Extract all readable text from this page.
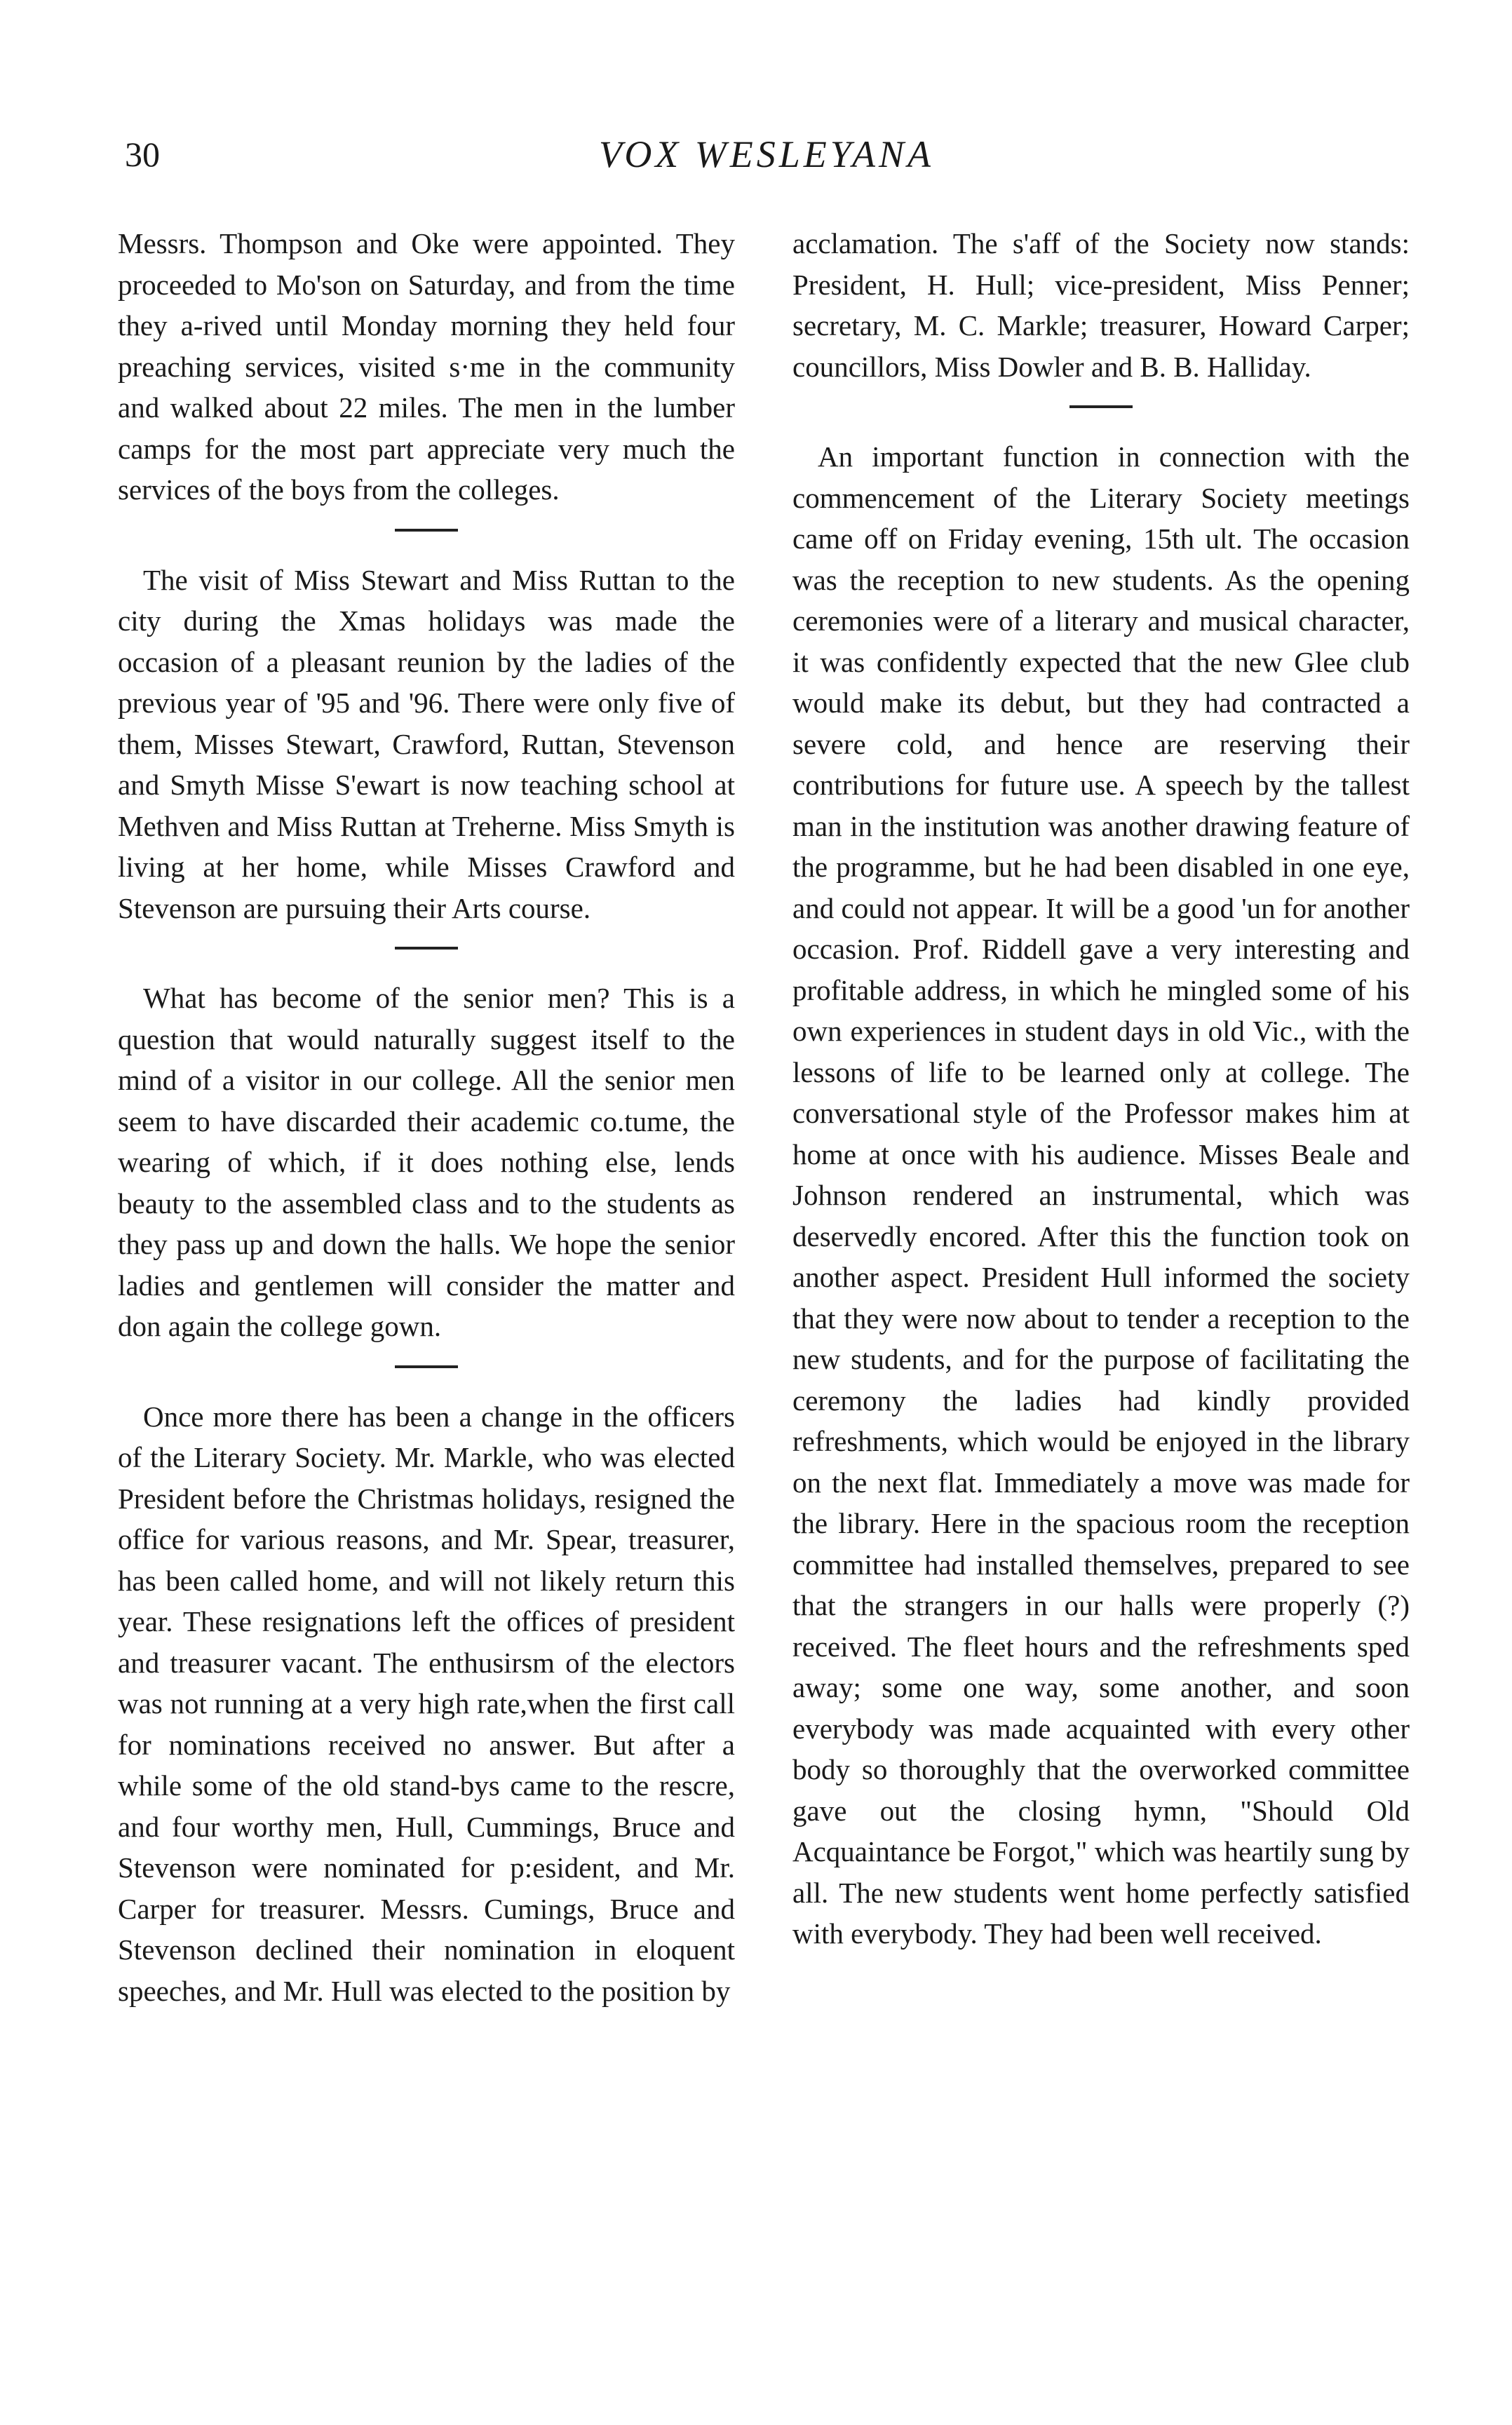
30	VOX WESLEYANA

Messrs. Thompson and Oke were appointed. They proceeded to Mo'son on Saturday, and from the time they a-rived until Monday morning they held four preaching services, visited s·me in the community and walked about 22 miles. The men in the lumber camps for the most part appreciate very much the services of the boys from the colleges.

The visit of Miss Stewart and Miss Ruttan to the city during the Xmas holidays was made the occasion of a pleasant reunion by the ladies of the previous year of '95 and '96. There were only five of them, Misses Stewart, Crawford, Ruttan, Stevenson and Smyth Misse S'ewart is now teaching school at Methven and Miss Ruttan at Treherne. Miss Smyth is living at her home, while Misses Crawford and Stevenson are pursuing their Arts course.

What has become of the senior men? This is a question that would naturally suggest itself to the mind of a visitor in our college. All the senior men seem to have discarded their academic co.tume, the wearing of which, if it does nothing else, lends beauty to the assembled class and to the students as they pass up and down the halls. We hope the senior ladies and gentlemen will consider the matter and don again the college gown.

Once more there has been a change in the officers of the Literary Society. Mr. Markle, who was elected President before the Christmas holidays, resigned the office for various reasons, and Mr. Spear, treasurer, has been called home, and will not likely return this year. These resignations left the offices of president and treasurer vacant. The enthusirsm of the electors was not running at a very high rate,when the first call for nominations received no answer. But after a while some of the old stand-bys came to the rescre, and four worthy men, Hull, Cummings, Bruce and Stevenson were nominated for p:esident, and Mr. Carper for treasurer. Messrs. Cumings, Bruce and Stevenson declined their nomination in eloquent speeches, and Mr. Hull was elected to the position by

acclamation. The s'aff of the Society now stands: President, H. Hull; vice-president, Miss Penner; secretary, M. C. Markle; treasurer, Howard Carper; councillors, Miss Dowler and B. B. Halliday.

An important function in connection with the commencement of the Literary Society meetings came off on Friday evening, 15th ult. The occasion was the reception to new students. As the opening ceremonies were of a literary and musical character, it was confidently expected that the new Glee club would make its debut, but they had contracted a severe cold, and hence are reserving their contributions for future use. A speech by the tallest man in the institution was another drawing feature of the programme, but he had been disabled in one eye, and could not appear. It will be a good 'un for another occasion. Prof. Riddell gave a very interesting and profitable address, in which he mingled some of his own experiences in student days in old Vic., with the lessons of life to be learned only at college. The conversational style of the Professor makes him at home at once with his audience. Misses Beale and Johnson rendered an instrumental, which was deservedly encored. After this the function took on another aspect. President Hull informed the society that they were now about to tender a reception to the new students, and for the purpose of facilitating the ceremony the ladies had kindly provided refreshments, which would be enjoyed in the library on the next flat. Immediately a move was made for the library. Here in the spacious room the reception committee had installed themselves, prepared to see that the strangers in our halls were properly (?) received. The fleet hours and the refreshments sped away; some one way, some another, and soon everybody was made acquainted with every other body so thoroughly that the overworked committee gave out the closing hymn, "Should Old Acquaintance be Forgot," which was heartily sung by all. The new students went home perfectly satisfied with everybody. They had been well received.
